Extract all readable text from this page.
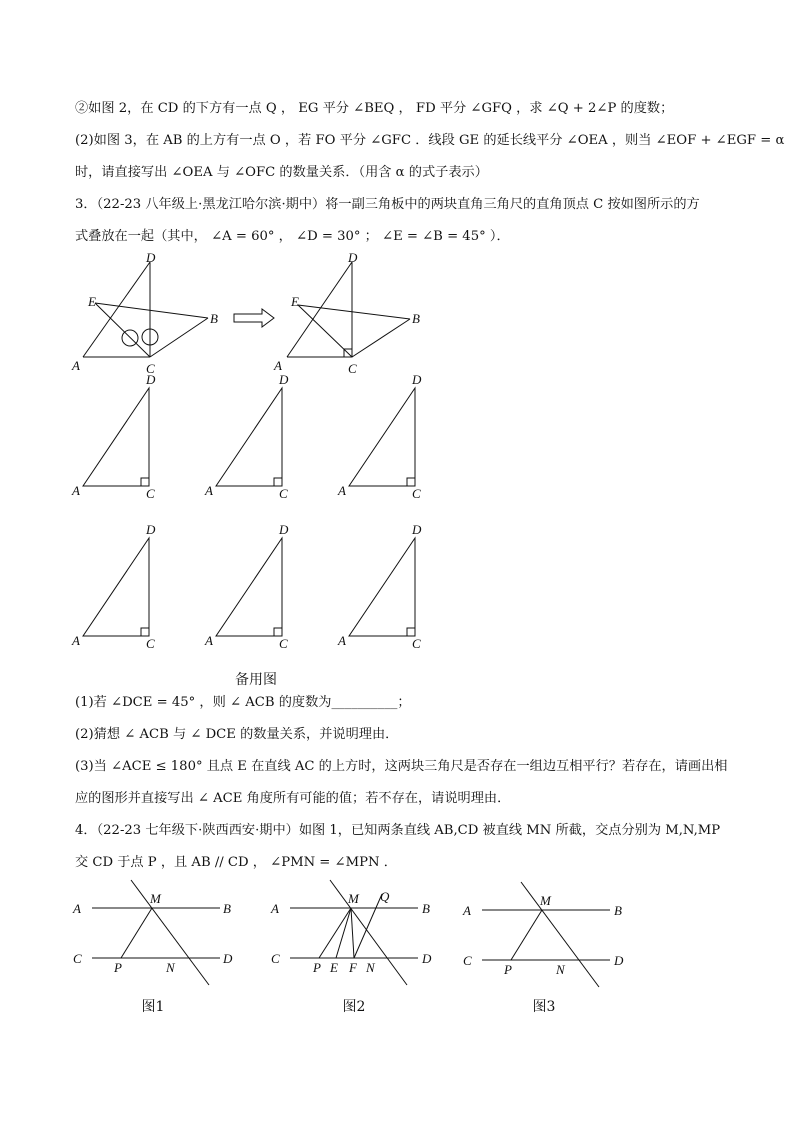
②如图 2，在 CD 的下方有一点 Q ， EG 平分 ∠BEQ ， FD 平分 ∠GFQ ，求 ∠Q + 2∠P 的度数；
(2)如图 3，在 AB 的上方有一点 O ，若 FO 平分 ∠GFC ．线段 GE 的延长线平分 ∠OEA ，则当 ∠EOF + ∠EGF = α
时，请直接写出 ∠OEA 与 ∠OFC 的数量关系．（用含 α 的式子表示）
3．（22-23 八年级上·黑龙江哈尔滨·期中）将一副三角板中的两块直角三角尺的直角顶点 C 按如图所示的方
式叠放在一起（其中， ∠A = 60° ， ∠D = 30° ； ∠E = ∠B = 45° ）．
D
E
B
A	C
D
E
B
A	C
D
A	C
D
A	C
D
A	C
D
A	C
D
A	C
D
A	C
A	B
C	D
M
P	N
A	B
C	D
M Q
P E F N
A	B
C	D
M
P	N
备用图
(1)若 ∠DCE = 45° ，则 ∠ ACB 的度数为__________；
(2)猜想 ∠ ACB 与 ∠ DCE 的数量关系，并说明理由．
(3)当 ∠ACE ≤ 180° 且点 E 在直线 AC 的上方时，这两块三角尺是否存在一组边互相平行？若存在，请画出相
应的图形并直接写出 ∠ ACE 角度所有可能的值；若不存在，请说明理由．
4．（22-23 七年级下·陕西西安·期中）如图 1，已知两条直线 AB,CD 被直线 MN 所截，交点分别为 M,N,MP
交 CD 于点 P ，且 AB // CD ， ∠PMN = ∠MPN ．
图1	图2	图3
